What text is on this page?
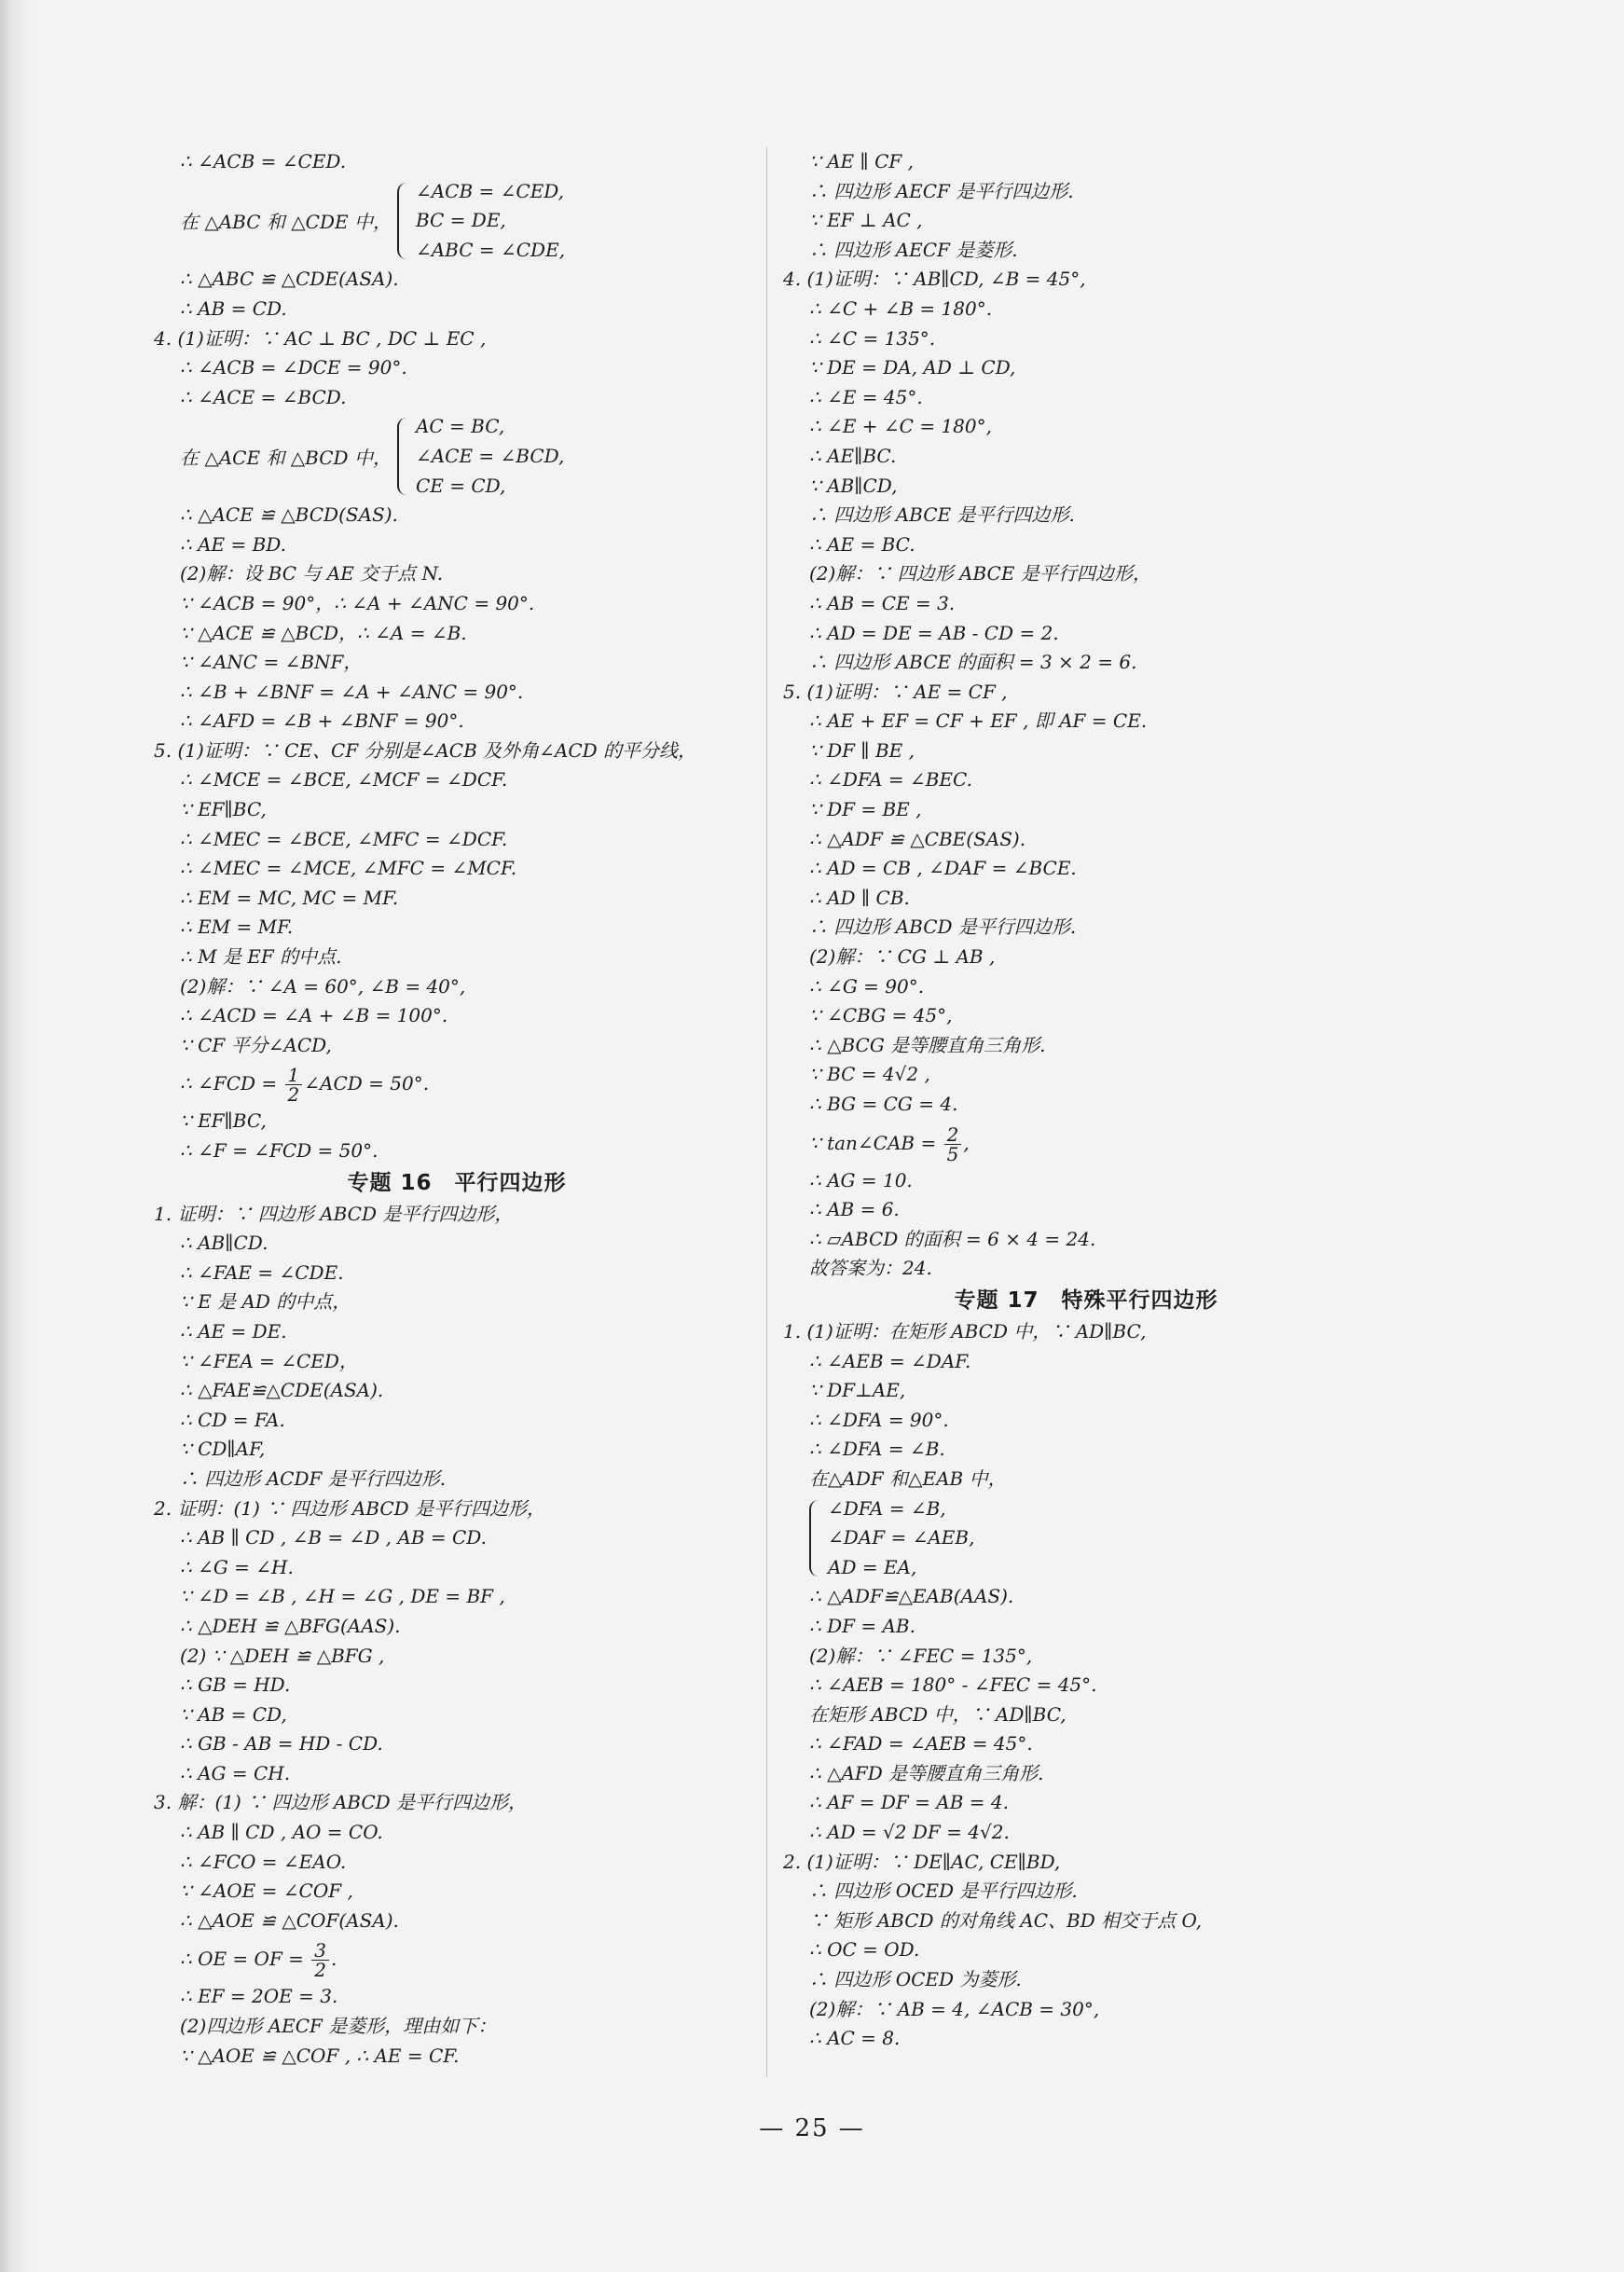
∴ ∠ACB = ∠CED.
在 △ABC 和 △CDE 中，
∠ACB = ∠CED,
BC = DE,
∠ABC = ∠CDE,
∴ △ABC ≌ △CDE(ASA).
∴ AB = CD.
4. (1)证明：∵ AC ⊥ BC , DC ⊥ EC ,
∴ ∠ACB = ∠DCE = 90°.
∴ ∠ACE = ∠BCD.
在 △ACE 和 △BCD 中，
AC = BC,
∠ACE = ∠BCD,
CE = CD,
∴ △ACE ≌ △BCD(SAS).
∴ AE = BD.
(2)解：设 BC 与 AE 交于点 N.
∵ ∠ACB = 90°，∴ ∠A + ∠ANC = 90°.
∵ △ACE ≌ △BCD，∴ ∠A = ∠B.
∵ ∠ANC = ∠BNF，
∴ ∠B + ∠BNF = ∠A + ∠ANC = 90°.
∴ ∠AFD = ∠B + ∠BNF = 90°.
5. (1)证明：∵ CE、CF 分别是∠ACB 及外角∠ACD 的平分线，
∴ ∠MCE = ∠BCE, ∠MCF = ∠DCF.
∵ EF∥BC,
∴ ∠MEC = ∠BCE, ∠MFC = ∠DCF.
∴ ∠MEC = ∠MCE, ∠MFC = ∠MCF.
∴ EM = MC, MC = MF.
∴ EM = MF.
∴ M 是 EF 的中点.
(2)解：∵ ∠A = 60°, ∠B = 40°,
∴ ∠ACD = ∠A + ∠B = 100°.
∵ CF 平分∠ACD,
∴ ∠FCD = $\frac{1}{2}$ ∠ACD = 50°.
∵ EF∥BC,
∴ ∠F = ∠FCD = 50°.
专题 16　平行四边形
1. 证明：∵ 四边形 ABCD 是平行四边形，
∴ AB∥CD.
∴ ∠FAE = ∠CDE.
∵ E 是 AD 的中点，
∴ AE = DE.
∵ ∠FEA = ∠CED，
∴ △FAE≌△CDE(ASA).
∴ CD = FA.
∵ CD∥AF,
∴ 四边形 ACDF 是平行四边形.
2. 证明：(1) ∵ 四边形 ABCD 是平行四边形，
∴ AB ∥ CD , ∠B = ∠D , AB = CD.
∴ ∠G = ∠H.
∵ ∠D = ∠B , ∠H = ∠G , DE = BF ,
∴ △DEH ≌ △BFG(AAS).
(2) ∵ △DEH ≌ △BFG ,
∴ GB = HD.
∵ AB = CD,
∴ GB - AB = HD - CD.
∴ AG = CH.
3. 解：(1) ∵ 四边形 ABCD 是平行四边形，
∴ AB ∥ CD , AO = CO.
∴ ∠FCO = ∠EAO.
∵ ∠AOE = ∠COF ,
∴ △AOE ≌ △COF(ASA).
∴ OE = OF = $\frac{3}{2}$ .
∴ EF = 2OE = 3.
(2)四边形 AECF 是菱形，理由如下：
∵ △AOE ≌ △COF , ∴ AE = CF.
∵ AE ∥ CF ,
∴ 四边形 AECF 是平行四边形.
∵ EF ⊥ AC ,
∴ 四边形 AECF 是菱形.
4. (1)证明：∵ AB∥CD, ∠B = 45°,
∴ ∠C + ∠B = 180°.
∴ ∠C = 135°.
∵ DE = DA, AD ⊥ CD,
∴ ∠E = 45°.
∴ ∠E + ∠C = 180°,
∴ AE∥BC.
∵ AB∥CD,
∴ 四边形 ABCE 是平行四边形.
∴ AE = BC.
(2)解：∵ 四边形 ABCE 是平行四边形，
∴ AB = CE = 3.
∴ AD = DE = AB - CD = 2.
∴ 四边形 ABCE 的面积 = 3 × 2 = 6.
5. (1)证明：∵ AE = CF ,
∴ AE + EF = CF + EF , 即 AF = CE.
∵ DF ∥ BE ,
∴ ∠DFA = ∠BEC.
∵ DF = BE ,
∴ △ADF ≌ △CBE(SAS).
∴ AD = CB , ∠DAF = ∠BCE.
∴ AD ∥ CB.
∴ 四边形 ABCD 是平行四边形.
(2)解：∵ CG ⊥ AB ,
∴ ∠G = 90°.
∵ ∠CBG = 45°,
∴ △BCG 是等腰直角三角形.
∵ BC = 4√2 ,
∴ BG = CG = 4.
∵ tan∠CAB = $\frac{2}{5}$ ,
∴ AG = 10.
∴ AB = 6.
∴ ▱ABCD 的面积 = 6 × 4 = 24.
故答案为：24.
专题 17　特殊平行四边形
1. (1)证明：在矩形 ABCD 中，∵ AD∥BC,
∴ ∠AEB = ∠DAF.
∵ DF⊥AE,
∴ ∠DFA = 90°.
∴ ∠DFA = ∠B.
在△ADF 和△EAB 中，
∠DFA = ∠B,
∠DAF = ∠AEB,
AD = EA,
∴ △ADF≌△EAB(AAS).
∴ DF = AB.
(2)解：∵ ∠FEC = 135°,
∴ ∠AEB = 180° - ∠FEC = 45°.
在矩形 ABCD 中，∵ AD∥BC,
∴ ∠FAD = ∠AEB = 45°.
∴ △AFD 是等腰直角三角形.
∴ AF = DF = AB = 4.
∴ AD = √2 DF = 4√2.
2. (1)证明：∵ DE∥AC, CE∥BD,
∴ 四边形 OCED 是平行四边形.
∵ 矩形 ABCD 的对角线 AC、BD 相交于点 O,
∴ OC = OD.
∴ 四边形 OCED 为菱形.
(2)解：∵ AB = 4, ∠ACB = 30°,
∴ AC = 8.
— 25 —
